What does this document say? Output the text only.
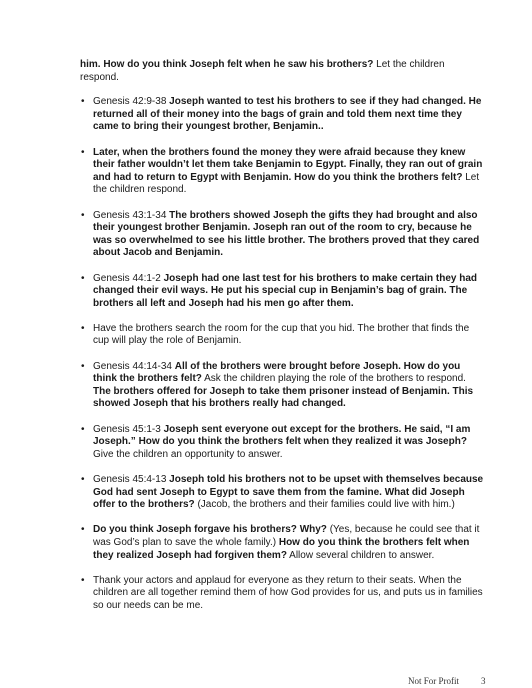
him. How do you think Joseph felt when he saw his brothers? Let the children respond.

• Genesis 42:9-38 Joseph wanted to test his brothers to see if they had changed. He returned all of their money into the bags of grain and told them next time they came to bring their youngest brother, Benjamin..
• Later, when the brothers found the money they were afraid because they knew their father wouldn’t let them take Benjamin to Egypt. Finally, they ran out of grain and had to return to Egypt with Benjamin. How do you think the brothers felt? Let the children respond.
• Genesis 43:1-34 The brothers showed Joseph the gifts they had brought and also their youngest brother Benjamin. Joseph ran out of the room to cry, because he was so overwhelmed to see his little brother. The brothers proved that they cared about Jacob and Benjamin.
• Genesis 44:1-2 Joseph had one last test for his brothers to make certain they had changed their evil ways. He put his special cup in Benjamin’s bag of grain. The brothers all left and Joseph had his men go after them.
• Have the brothers search the room for the cup that you hid. The brother that finds the cup will play the role of Benjamin.
• Genesis 44:14-34 All of the brothers were brought before Joseph. How do you think the brothers felt? Ask the children playing the role of the brothers to respond. The brothers offered for Joseph to take them prisoner instead of Benjamin. This showed Joseph that his brothers really had changed.
• Genesis 45:1-3 Joseph sent everyone out except for the brothers. He said, “I am Joseph.” How do you think the brothers felt when they realized it was Joseph? Give the children an opportunity to answer.
• Genesis 45:4-13 Joseph told his brothers not to be upset with themselves because God had sent Joseph to Egypt to save them from the famine. What did Joseph offer to the brothers? (Jacob, the brothers and their families could live with him.)
• Do you think Joseph forgave his brothers? Why? (Yes, because he could see that it was God’s plan to save the whole family.) How do you think the brothers felt when they realized Joseph had forgiven them? Allow several children to answer.
• Thank your actors and applaud for everyone as they return to their seats. When the children are all together remind them of how God provides for us, and puts us in families so our needs can be me.
Not For Profit 3
